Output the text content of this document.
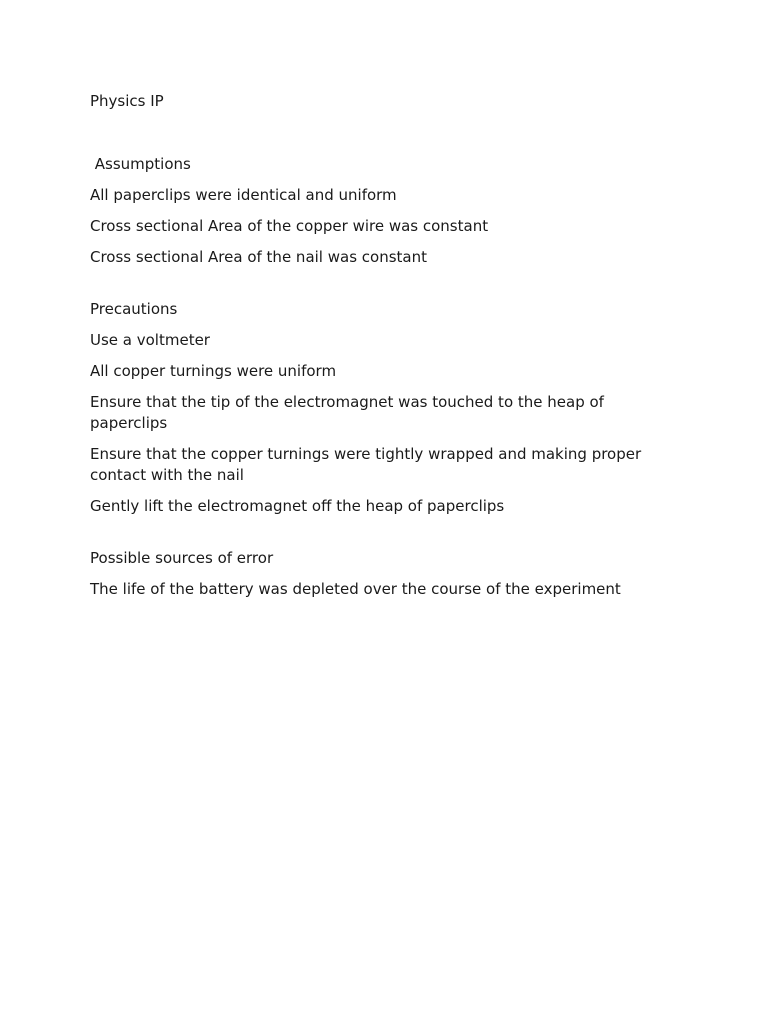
Physics IP

Assumptions

All paperclips were identical and uniform

Cross sectional Area of the copper wire was constant

Cross sectional Area of the nail was constant

Precautions

Use a voltmeter

All copper turnings were uniform

Ensure that the tip of the electromagnet was touched to the heap of paperclips

Ensure that the copper turnings were tightly wrapped and making proper contact with the nail

Gently lift the electromagnet off the heap of paperclips

Possible sources of error

The life of the battery was depleted over the course of the experiment
